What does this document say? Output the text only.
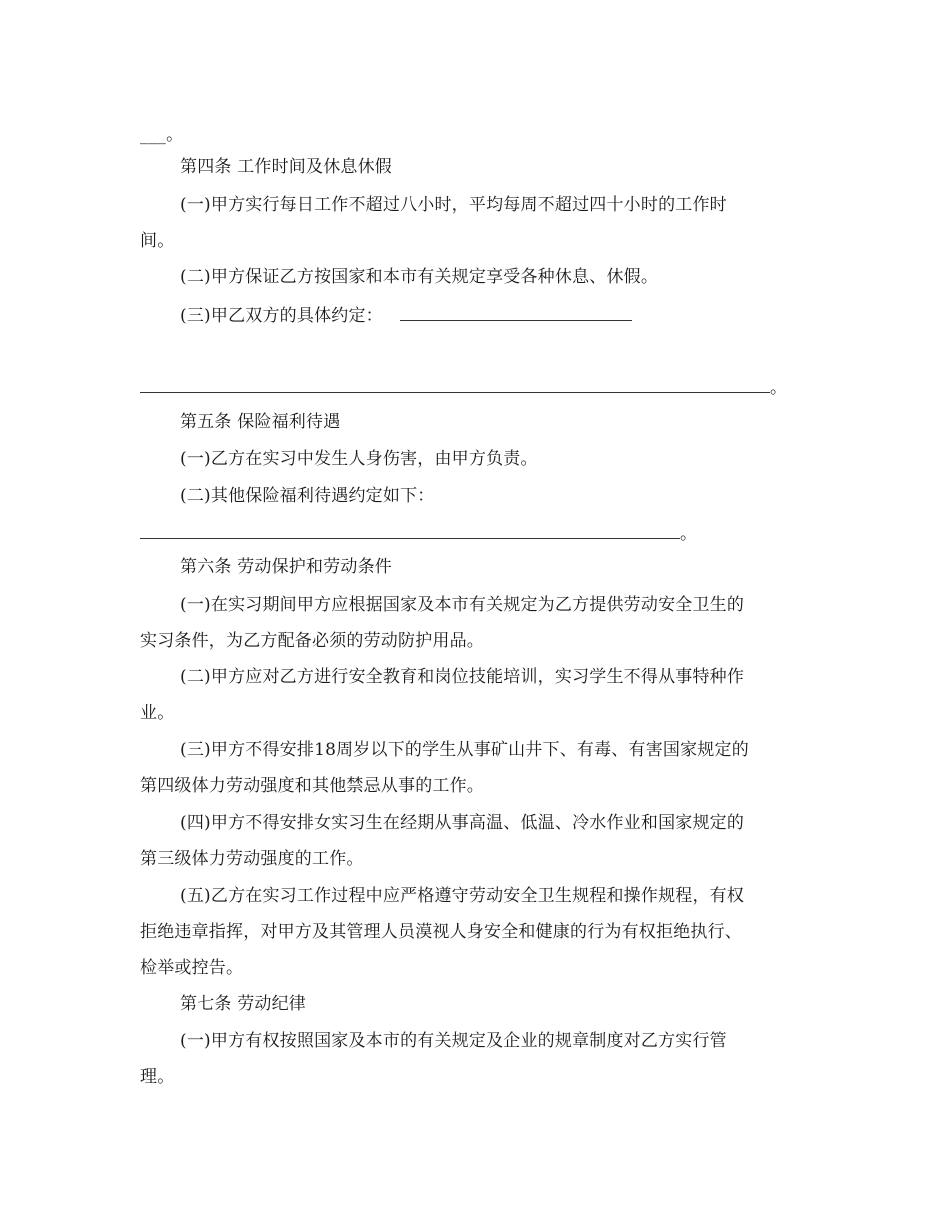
___。
第四条 工作时间及休息休假
(一)甲方实行每日工作不超过八小时，平均每周不超过四十小时的工作时
间。
(二)甲方保证乙方按国家和本市有关规定享受各种休息、休假。
(三)甲乙双方的具体约定：
。
第五条 保险福利待遇
(一)乙方在实习中发生人身伤害，由甲方负责。
(二)其他保险福利待遇约定如下：
。
第六条 劳动保护和劳动条件
(一)在实习期间甲方应根据国家及本市有关规定为乙方提供劳动安全卫生的
实习条件，为乙方配备必须的劳动防护用品。
(二)甲方应对乙方进行安全教育和岗位技能培训，实习学生不得从事特种作
业。
(三)甲方不得安排18周岁以下的学生从事矿山井下、有毒、有害国家规定的
第四级体力劳动强度和其他禁忌从事的工作。
(四)甲方不得安排女实习生在经期从事高温、低温、冷水作业和国家规定的
第三级体力劳动强度的工作。
(五)乙方在实习工作过程中应严格遵守劳动安全卫生规程和操作规程，有权
拒绝违章指挥，对甲方及其管理人员漠视人身安全和健康的行为有权拒绝执行、
检举或控告。
第七条 劳动纪律
(一)甲方有权按照国家及本市的有关规定及企业的规章制度对乙方实行管
理。
